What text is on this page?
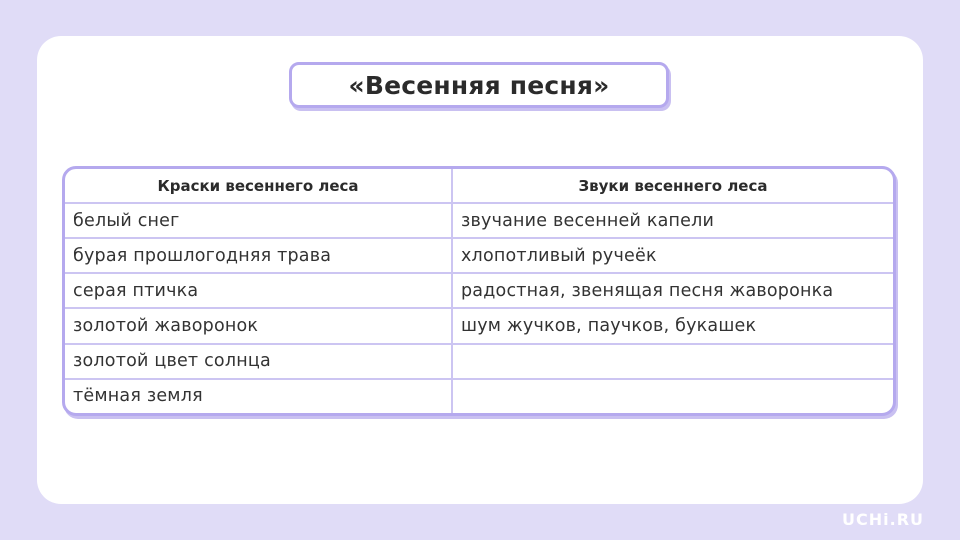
«Весенняя песня»
Краски весеннего леса	Звуки весеннего леса
белый снег	звучание весенней капели
бурая прошлогодняя трава	хлопотливый ручеёк
серая птичка	радостная, звенящая песня жаворонка
золотой жаворонок	шум жучков, паучков, букашек
золотой цвет солнца	
тёмная земля	
UCHi.RU
